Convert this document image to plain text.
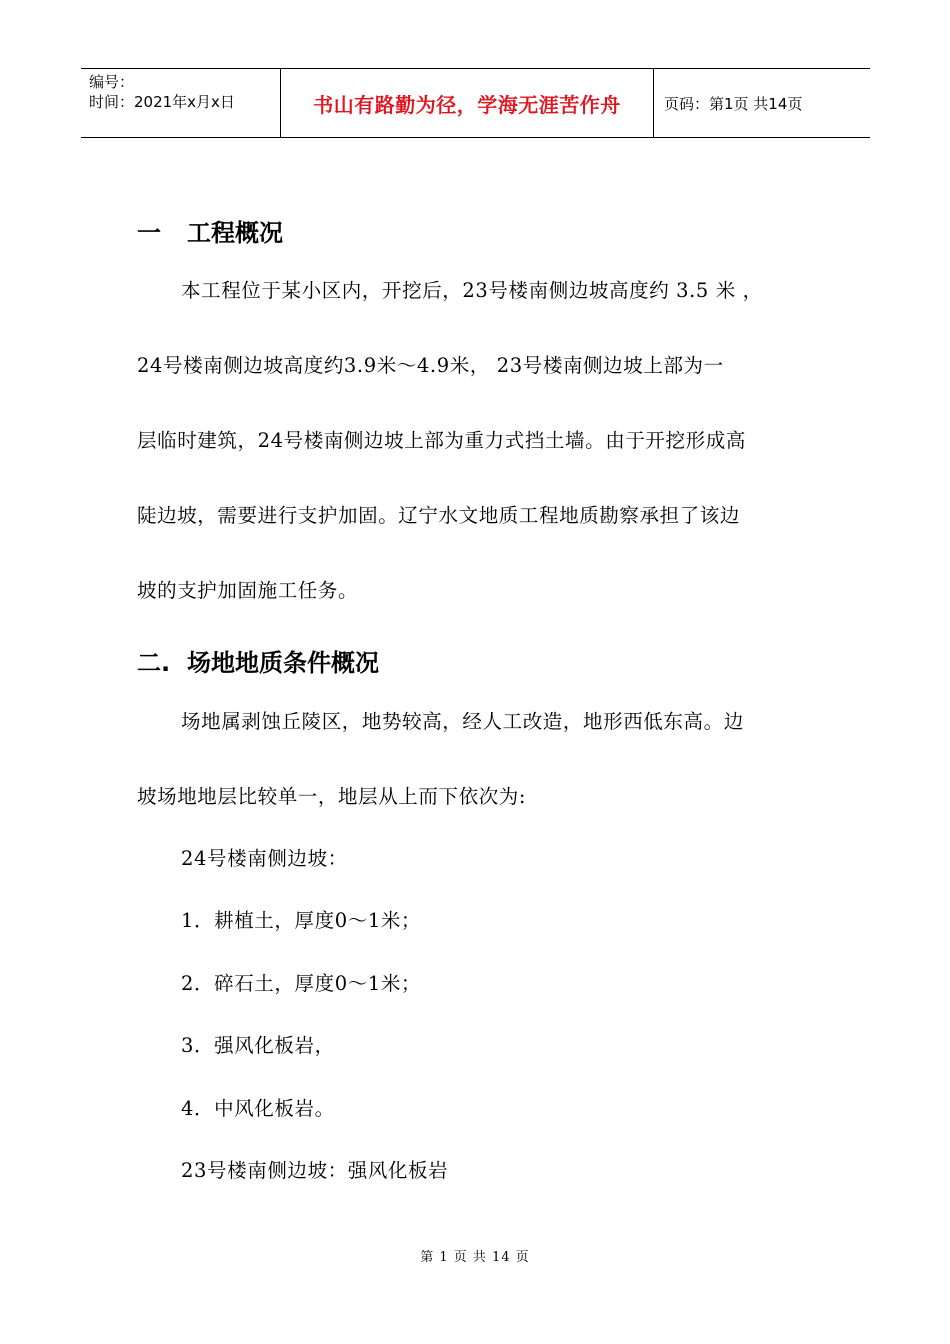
编号：
时间：2021年x月x日	书山有路勤为径，学海无涯苦作舟	页码：第1页 共14页
一 工程概况
本工程位于某小区内，开挖后，23号楼南侧边坡高度约 3.5 米 ，
24号楼南侧边坡高度约3.9米～4.9米， 23号楼南侧边坡上部为一
层临时建筑，24号楼南侧边坡上部为重力式挡土墙。由于开挖形成高
陡边坡，需要进行支护加固。辽宁水文地质工程地质勘察承担了该边
坡的支护加固施工任务。
二. 场地地质条件概况
场地属剥蚀丘陵区，地势较高，经人工改造，地形西低东高。边
坡场地地层比较单一，地层从上而下依次为:
24号楼南侧边坡：
1．耕植土，厚度0～1米；
2．碎石土，厚度0～1米；
3．强风化板岩，
4．中风化板岩。
23号楼南侧边坡：强风化板岩
第 1 页 共 14 页
